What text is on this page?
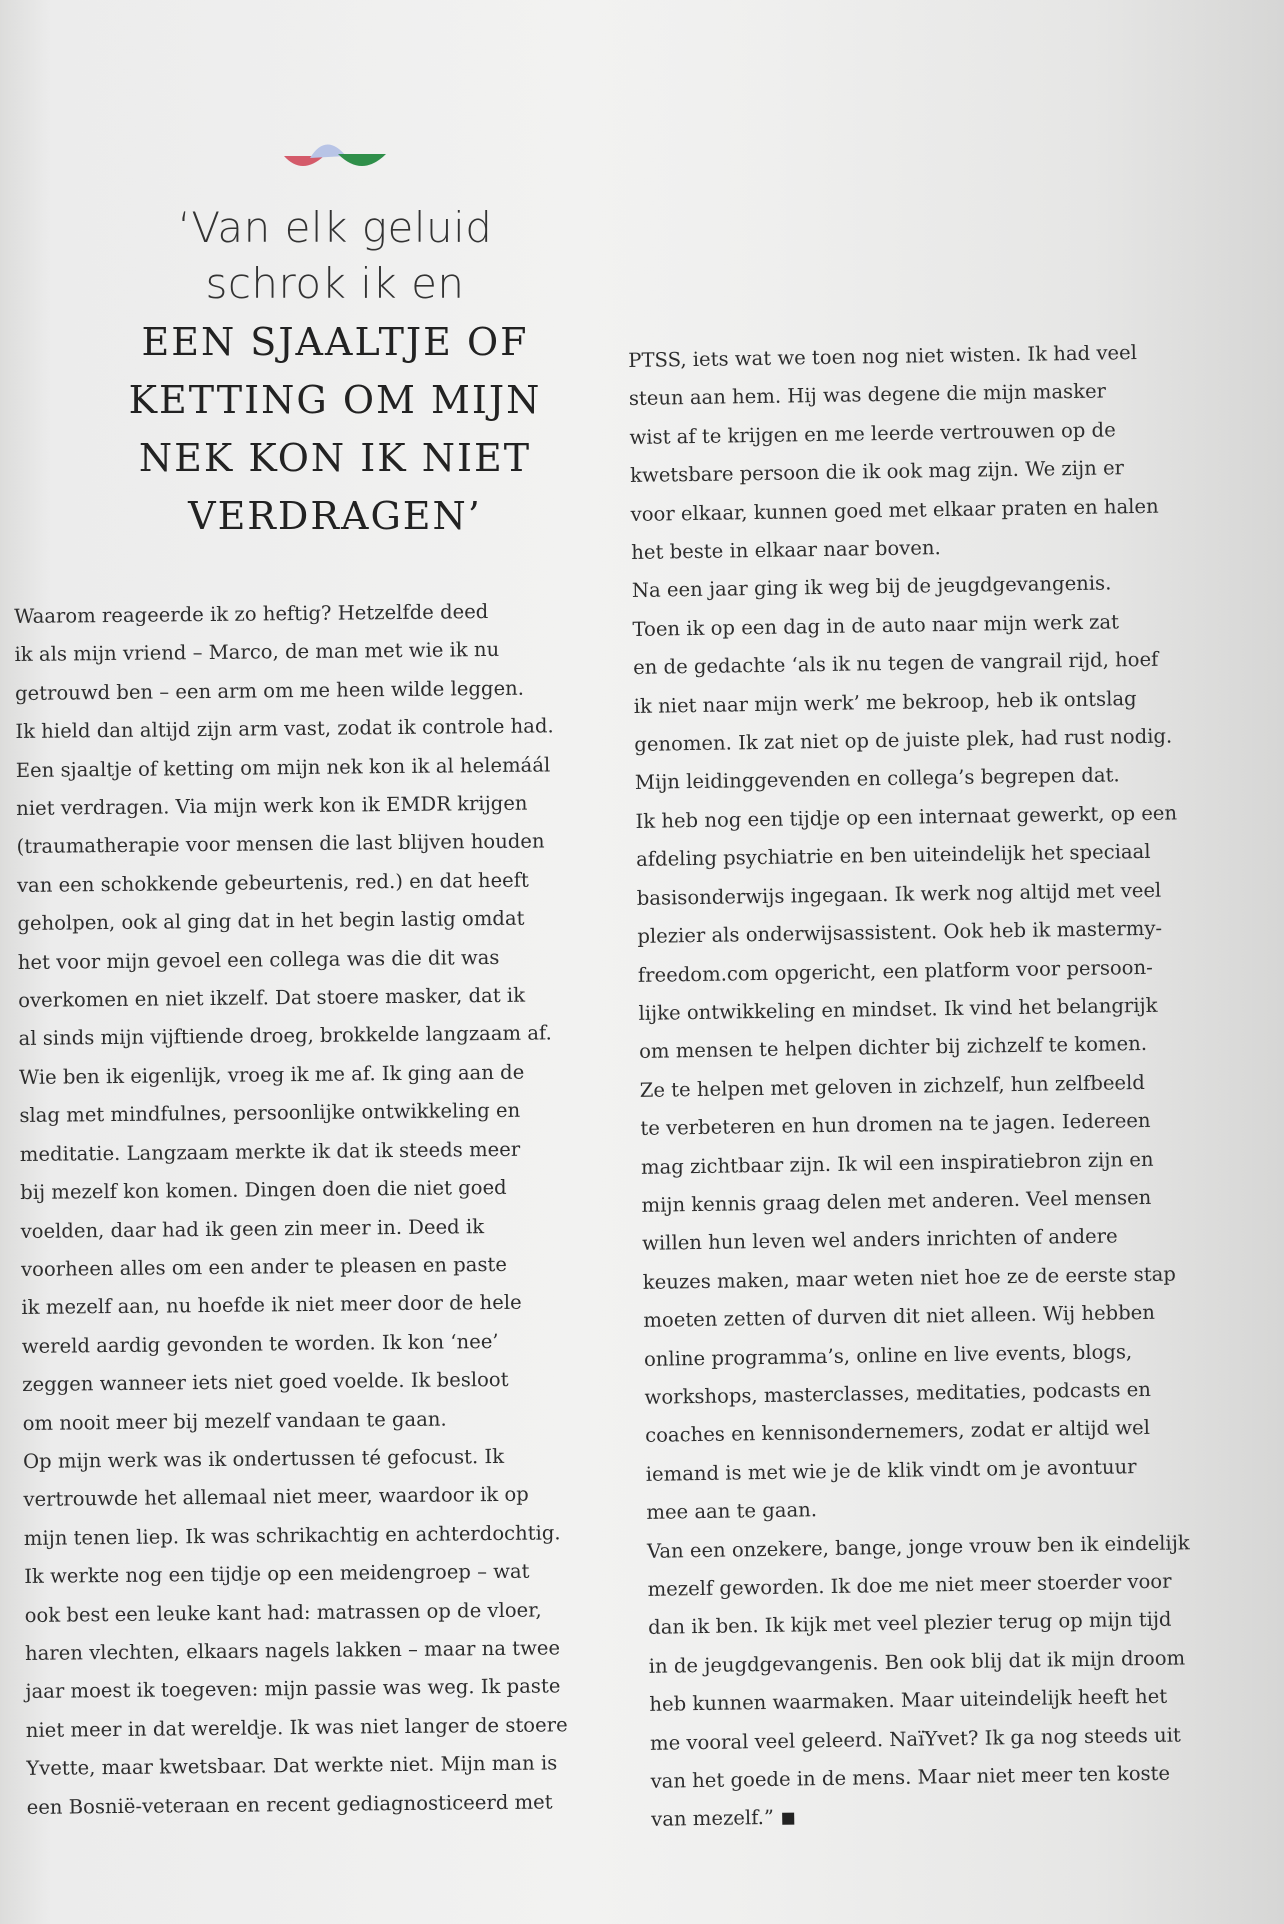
‘Van elk geluid
schrok ik en
EEN SJAALTJE OF
KETTING OM MIJN
NEK KON IK NIET
VERDRAGEN’

Waarom reageerde ik zo heftig? Hetzelfde deed

ik als mijn vriend – Marco, de man met wie ik nu

getrouwd ben – een arm om me heen wilde leggen.

Ik hield dan altijd zijn arm vast, zodat ik controle had.

Een sjaaltje of ketting om mijn nek kon ik al helemáál

niet verdragen. Via mijn werk kon ik EMDR krijgen

(traumatherapie voor mensen die last blijven houden

van een schokkende gebeurtenis, red.) en dat heeft

geholpen, ook al ging dat in het begin lastig omdat

het voor mijn gevoel een collega was die dit was

overkomen en niet ikzelf. Dat stoere masker, dat ik

al sinds mijn vijftiende droeg, brokkelde langzaam af.

Wie ben ik eigenlijk, vroeg ik me af. Ik ging aan de

slag met mindfulnes, persoonlijke ontwikkeling en

meditatie. Langzaam merkte ik dat ik steeds meer

bij mezelf kon komen. Dingen doen die niet goed

voelden, daar had ik geen zin meer in. Deed ik

voorheen alles om een ander te pleasen en paste

ik mezelf aan, nu hoefde ik niet meer door de hele

wereld aardig gevonden te worden. Ik kon ‘nee’

zeggen wanneer iets niet goed voelde. Ik besloot

om nooit meer bij mezelf vandaan te gaan.

Op mijn werk was ik ondertussen té gefocust. Ik

vertrouwde het allemaal niet meer, waardoor ik op

mijn tenen liep. Ik was schrikachtig en achterdochtig.

Ik werkte nog een tijdje op een meidengroep – wat

ook best een leuke kant had: matrassen op de vloer,

haren vlechten, elkaars nagels lakken – maar na twee

jaar moest ik toegeven: mijn passie was weg. Ik paste

niet meer in dat wereldje. Ik was niet langer de stoere

Yvette, maar kwetsbaar. Dat werkte niet. Mijn man is

een Bosnië-veteraan en recent gediagnosticeerd met

PTSS, iets wat we toen nog niet wisten. Ik had veel

steun aan hem. Hij was degene die mijn masker

wist af te krijgen en me leerde vertrouwen op de

kwetsbare persoon die ik ook mag zijn. We zijn er

voor elkaar, kunnen goed met elkaar praten en halen

het beste in elkaar naar boven.

Na een jaar ging ik weg bij de jeugdgevangenis.

Toen ik op een dag in de auto naar mijn werk zat

en de gedachte ‘als ik nu tegen de vangrail rijd, hoef

ik niet naar mijn werk’ me bekroop, heb ik ontslag

genomen. Ik zat niet op de juiste plek, had rust nodig.

Mijn leidinggevenden en collega’s begrepen dat.

Ik heb nog een tijdje op een internaat gewerkt, op een

afdeling psychiatrie en ben uiteindelijk het speciaal

basisonderwijs ingegaan. Ik werk nog altijd met veel

plezier als onderwijsassistent. Ook heb ik mastermy-

freedom.com opgericht, een platform voor persoon-

lijke ontwikkeling en mindset. Ik vind het belangrijk

om mensen te helpen dichter bij zichzelf te komen.

Ze te helpen met geloven in zichzelf, hun zelfbeeld

te verbeteren en hun dromen na te jagen. Iedereen

mag zichtbaar zijn. Ik wil een inspiratiebron zijn en

mijn kennis graag delen met anderen. Veel mensen

willen hun leven wel anders inrichten of andere

keuzes maken, maar weten niet hoe ze de eerste stap

moeten zetten of durven dit niet alleen. Wij hebben

online programma’s, online en live events, blogs,

workshops, masterclasses, meditaties, podcasts en

coaches en kennisondernemers, zodat er altijd wel

iemand is met wie je de klik vindt om je avontuur

mee aan te gaan.

Van een onzekere, bange, jonge vrouw ben ik eindelijk

mezelf geworden. Ik doe me niet meer stoerder voor

dan ik ben. Ik kijk met veel plezier terug op mijn tijd

in de jeugdgevangenis. Ben ook blij dat ik mijn droom

heb kunnen waarmaken. Maar uiteindelijk heeft het

me vooral veel geleerd. NaïYvet? Ik ga nog steeds uit

van het goede in de mens. Maar niet meer ten koste

van mezelf.”
